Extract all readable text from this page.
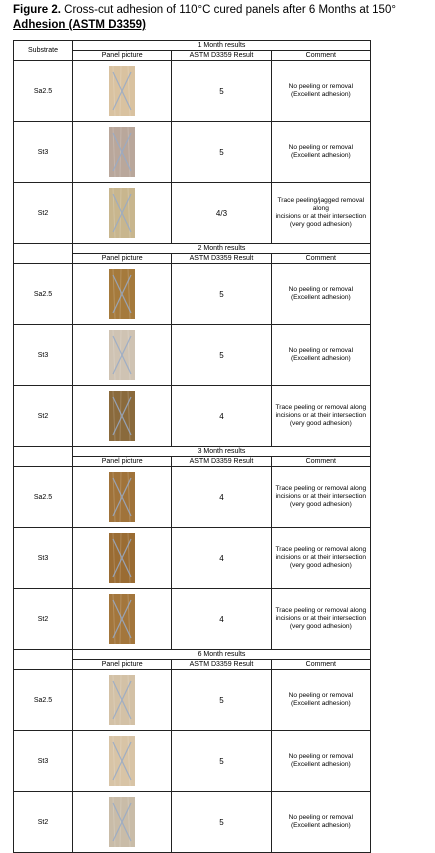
Figure 2. Cross-cut adhesion of 110°C cured panels after 6 Months at 150°
Adhesion (ASTM D3359)
Substrate	1 Month results		
	Panel picture	ASTM D3359 Result	Comment
Sa2.5		5	No peeling or removal
(Excellent adhesion)

St3		5	No peeling or removal
(Excellent adhesion)

St2		4/3	Trace peeling/jagged removal along
incisions or at their intersection
(very good adhesion)

	2 Month results		
	Panel picture	ASTM D3359 Result	Comment
Sa2.5		5	No peeling or removal
(Excellent adhesion)

St3		5	No peeling or removal
(Excellent adhesion)

St2		4	Trace peeling or removal along
incisions or at their intersection
(very good adhesion)

	3 Month results		
	Panel picture	ASTM D3359 Result	Comment
Sa2.5		4	Trace peeling or removal along
incisions or at their intersection
(very good adhesion)

St3		4	Trace peeling or removal along
incisions or at their intersection
(very good adhesion)

St2		4	Trace peeling or removal along
incisions or at their intersection
(very good adhesion)

	6 Month results		
	Panel picture	ASTM D3359 Result	Comment
Sa2.5		5	No peeling or removal
(Excellent adhesion)

St3		5	No peeling or removal
(Excellent adhesion)

St2		5	No peeling or removal
(Excellent adhesion)
